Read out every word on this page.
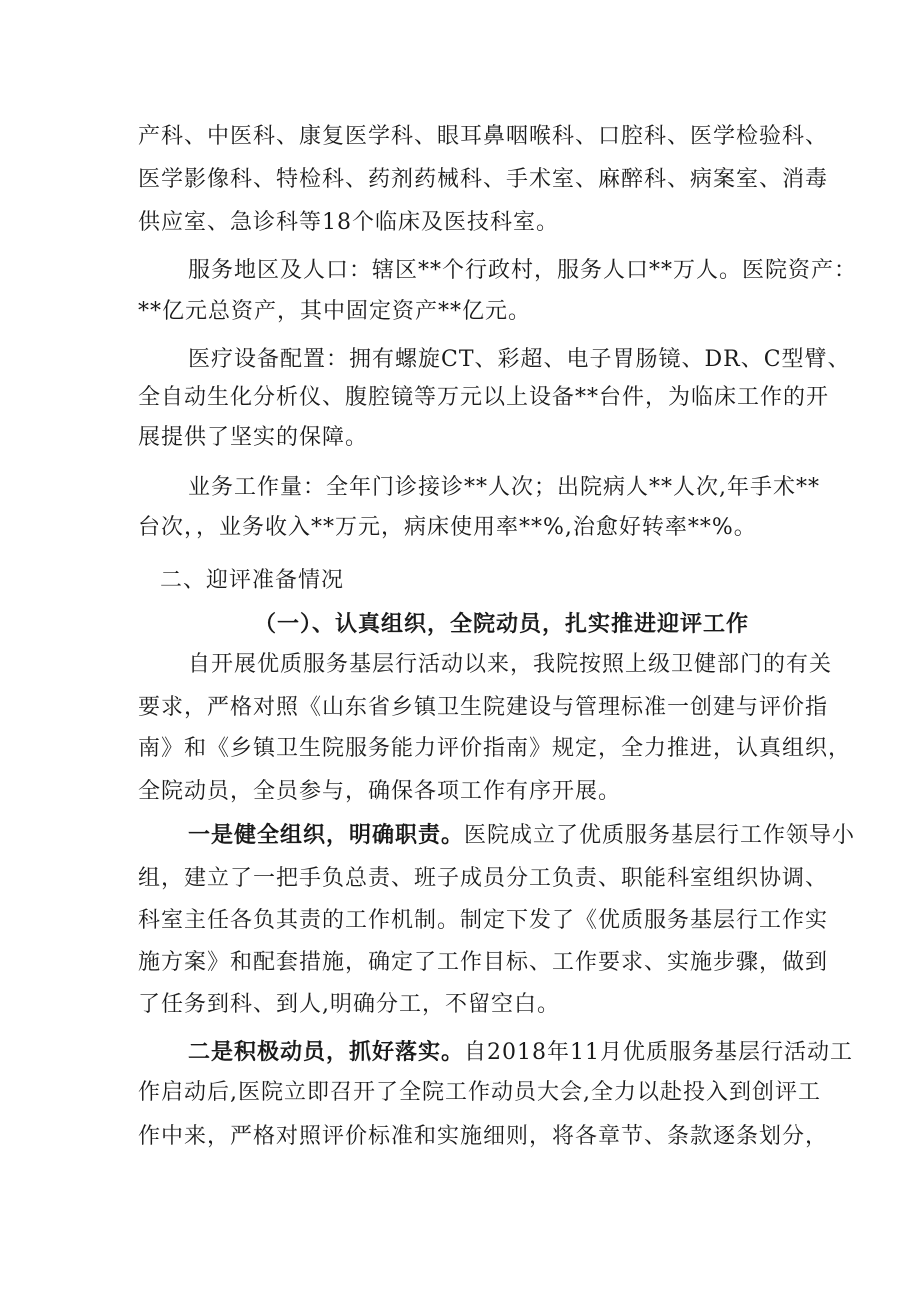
产科、中医科、康复医学科、眼耳鼻咽喉科、口腔科、医学检验科、
医学影像科、特检科、药剂药械科、手术室、麻醉科、病案室、消毒
供应室、急诊科等18个临床及医技科室。
服务地区及人口：辖区**个行政村，服务人口**万人。医院资产：
**亿元总资产，其中固定资产**亿元。
医疗设备配置：拥有螺旋CT、彩超、电子胃肠镜、DR、C型臂、
全自动生化分析仪、腹腔镜等万元以上设备**台件，为临床工作的开
展提供了坚实的保障。
业务工作量：全年门诊接诊**人次；出院病人**人次,年手术**
台次，，业务收入**万元，病床使用率**%,治愈好转率**%。
二、迎评准备情况
（一）、认真组织，全院动员，扎实推进迎评工作
自开展优质服务基层行活动以来，我院按照上级卫健部门的有关
要求，严格对照《山东省乡镇卫生院建设与管理标准一创建与评价指
南》和《乡镇卫生院服务能力评价指南》规定，全力推进，认真组织，
全院动员，全员参与，确保各项工作有序开展。
一是健全组织，明确职责。医院成立了优质服务基层行工作领导小
组，建立了一把手负总责、班子成员分工负责、职能科室组织协调、
科室主任各负其责的工作机制。制定下发了《优质服务基层行工作实
施方案》和配套措施，确定了工作目标、工作要求、实施步骤，做到
了任务到科、到人,明确分工，不留空白。
二是积极动员，抓好落实。自2018年11月优质服务基层行活动工
作启动后,医院立即召开了全院工作动员大会,全力以赴投入到创评工
作中来，严格对照评价标准和实施细则，将各章节、条款逐条划分，
